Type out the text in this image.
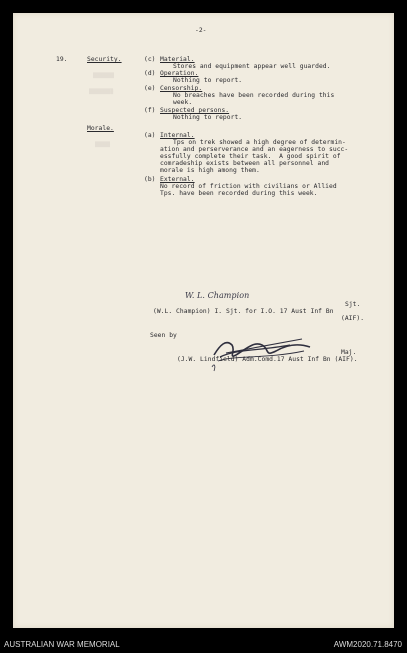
-2-
19.	Security.	(c) Material.
Stores and equipment appear well guarded.
(d) Operation.
Nothing to report.
(e) Censorship.
No breaches have been recorded during this
week.
(f) Suspected persons.
Nothing to report.
Morale.
(a) Internal.
Tps on trek showed a high degree of determin-
ation and perserverance and an eagerness to succ-
essfully complete their task.  A good spirit of
comradeship exists between all personnel and
morale is high among them.
(b) External.
No record of friction with civilians or Allied
Tps. have been recorded during this week.
▒▒▒▒▒▒▒
▒▒▒▒▒▒▒▒
▒▒▒▒▒
W. L. Champion
Sjt.
(W.L. Champion) I. Sjt. for I.O. 17 Aust Inf Bn
(AIF).
Seen by
Maj.
(J.W. Lindfield) Adm.Comd.17 Aust Inf Bn (AIF).
AUSTRALIAN WAR MEMORIAL	AWM2020.71.8470
